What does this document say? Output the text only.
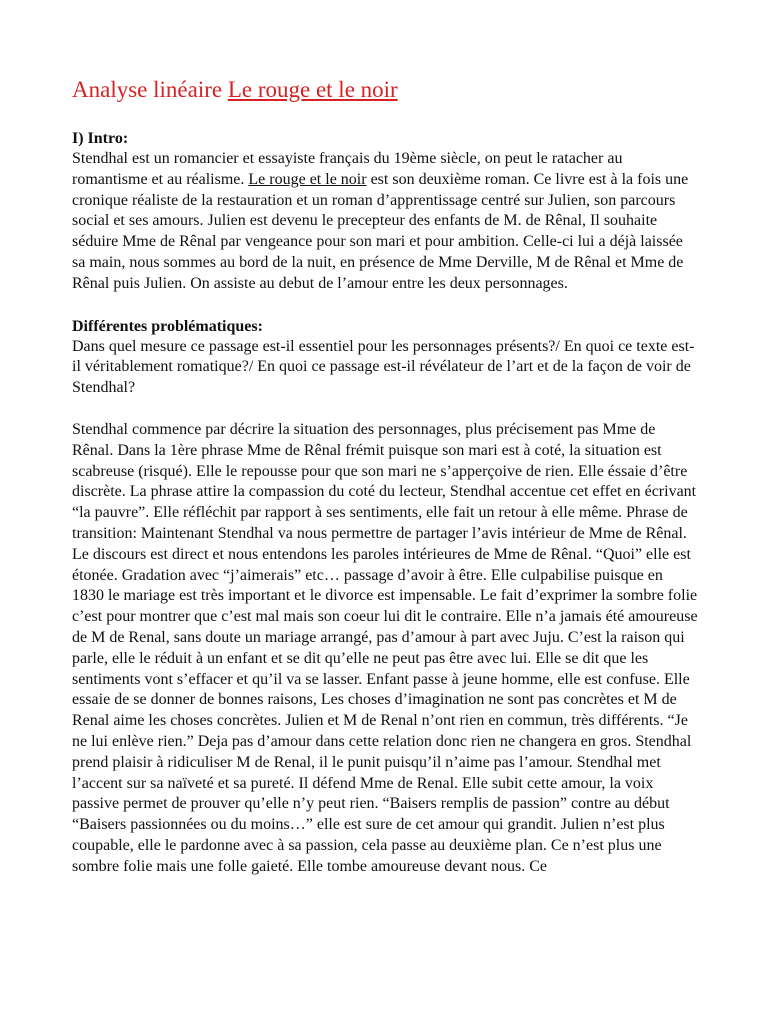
Analyse linéaire Le rouge et le noir

I) Intro:

Stendhal est un romancier et essayiste français du 19ème siècle, on peut le ratacher au romantisme et au réalisme. Le rouge et le noir est son deuxième roman. Ce livre est à la fois une cronique réaliste de la restauration et un roman d’apprentissage centré sur Julien, son parcours social et ses amours. Julien est devenu le precepteur des enfants de M. de Rênal, Il souhaite séduire Mme de Rênal par vengeance pour son mari et pour ambition. Celle-ci lui a déjà laissée sa main, nous sommes au bord de la nuit, en présence de Mme Derville, M de Rênal et Mme de Rênal puis Julien. On assiste au debut de l’amour entre les deux personnages.

Différentes problématiques:

Dans quel mesure ce passage est-il essentiel pour les personnages présents?/ En quoi ce texte est-il véritablement romatique?/ En quoi ce passage est-il révélateur de l’art et de la façon de voir de Stendhal?

Stendhal commence par décrire la situation des personnages, plus précisement pas Mme de Rênal. Dans la 1ère phrase Mme de Rênal frémit puisque son mari est à coté, la situation est scabreuse (risqué). Elle le repousse pour que son mari ne s’apperçoive de rien. Elle éssaie d’être discrète. La phrase attire la compassion du coté du lecteur, Stendhal accentue cet effet en écrivant “la pauvre”. Elle réfléchit par rapport à ses sentiments, elle fait un retour à elle même. Phrase de transition: Maintenant Stendhal va nous permettre de partager l’avis intérieur de Mme de Rênal. Le discours est direct et nous entendons les paroles intérieures de Mme de Rênal. “Quoi” elle est étonée. Gradation avec “j’aimerais” etc… passage d’avoir à être. Elle culpabilise puisque en 1830 le mariage est très important et le divorce est impensable. Le fait d’exprimer la sombre folie c’est pour montrer que c’est mal mais son coeur lui dit le contraire. Elle n’a jamais été amoureuse de M de Renal, sans doute un mariage arrangé, pas d’amour à part avec Juju. C’est la raison qui parle, elle le réduit à un enfant et se dit qu’elle ne peut pas être avec lui. Elle se dit que les sentiments vont s’effacer et qu’il va se lasser. Enfant passe à jeune homme, elle est confuse. Elle essaie de se donner de bonnes raisons, Les choses d’imagination ne sont pas concrètes et M de Renal aime les choses concrètes. Julien et M de Renal n’ont rien en commun, très différents. “Je ne lui enlève rien.” Deja pas d’amour dans cette relation donc rien ne changera en gros. Stendhal prend plaisir à ridiculiser M de Renal, il le punit puisqu’il n’aime pas l’amour. Stendhal met l’accent sur sa naïveté et sa pureté. Il défend Mme de Renal. Elle subit cette amour, la voix passive permet de prouver qu’elle n’y peut rien. “Baisers remplis de passion” contre au début “Baisers passionnées ou du moins…” elle est sure de cet amour qui grandit. Julien n’est plus coupable, elle le pardonne avec à sa passion, cela passe au deuxième plan. Ce n’est plus une sombre folie mais une folle gaieté. Elle tombe amoureuse devant nous. Ce
